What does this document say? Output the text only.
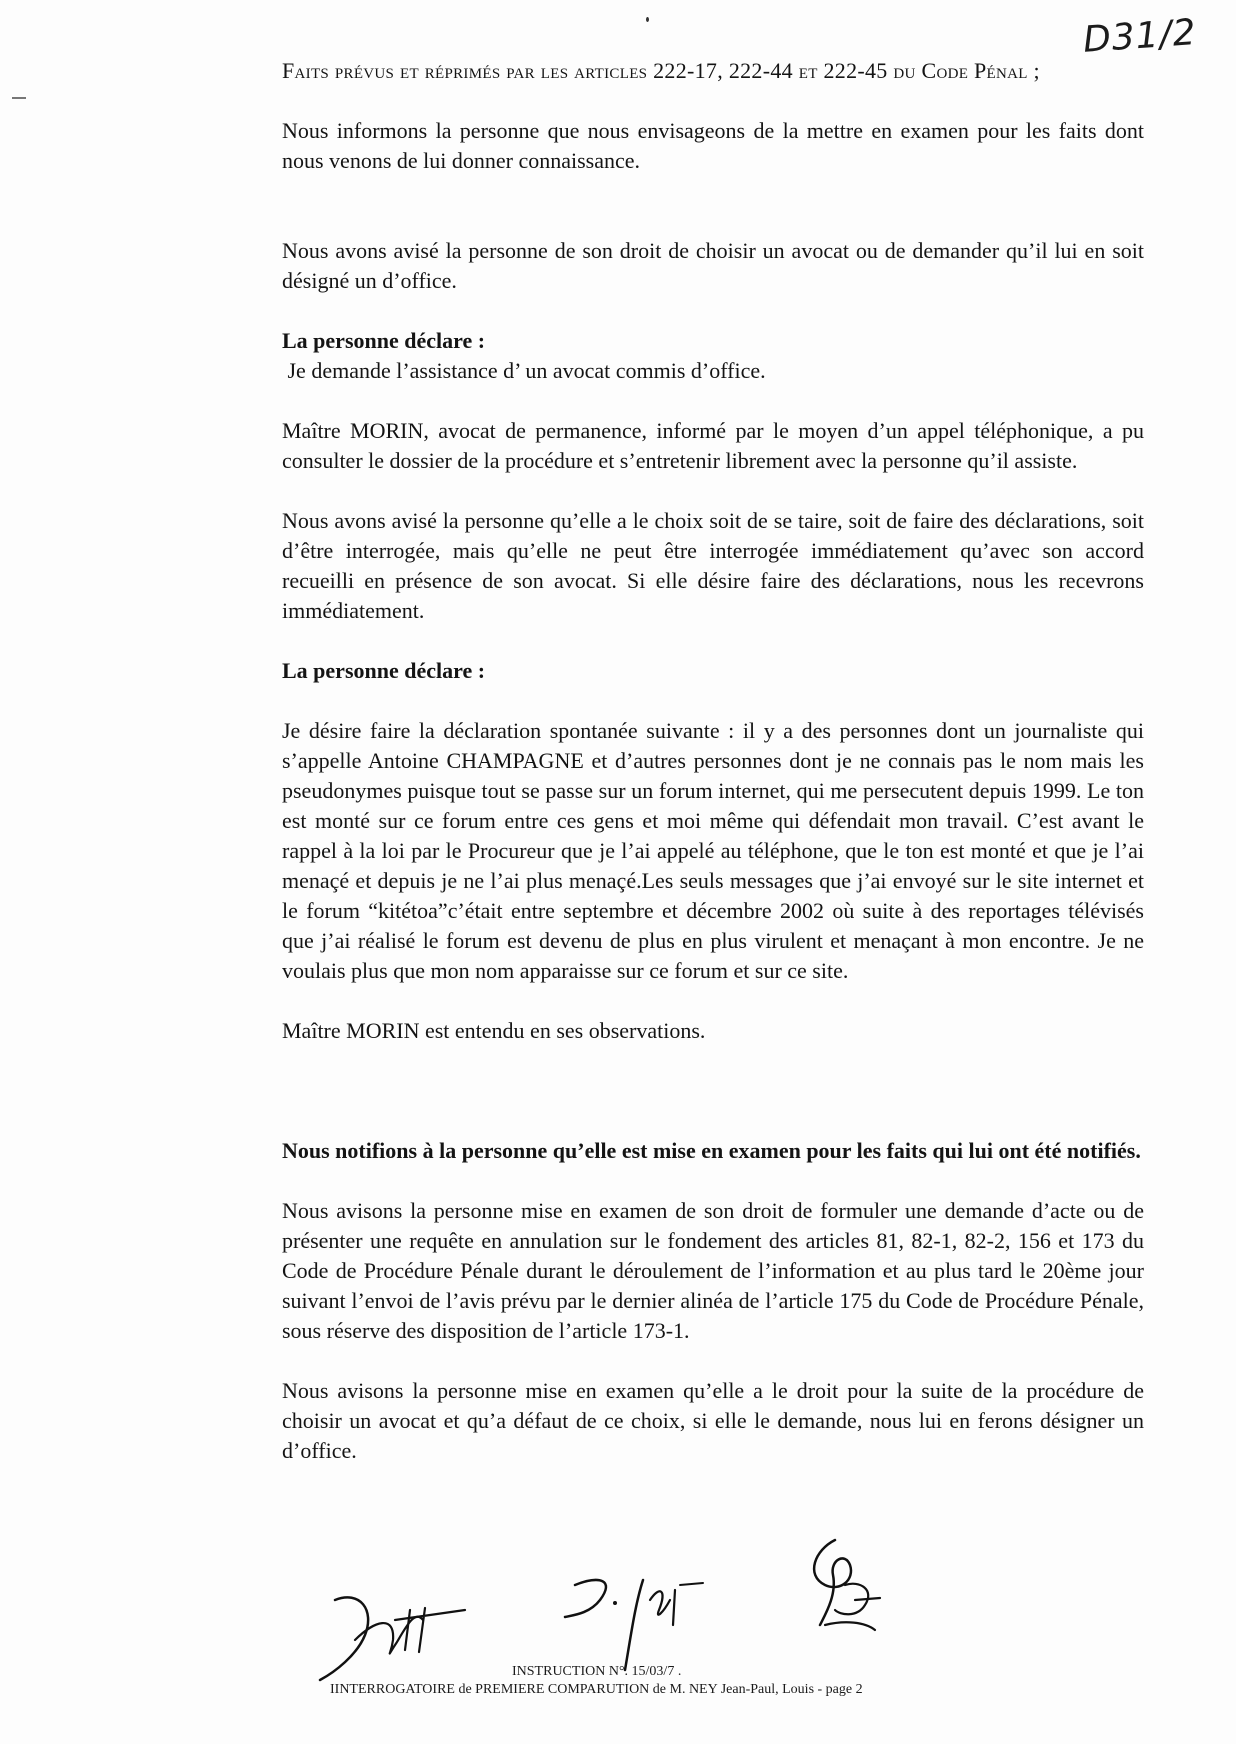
D31/2

Faits prévus et réprimés par les articles 222-17, 222-44 et 222-45 du Code Pénal ;

Nous informons la personne que nous envisageons de la mettre en examen pour les faits dont nous venons de lui donner connaissance.

Nous avons avisé la personne de son droit de choisir un avocat ou de demander qu’il lui en soit désigné un d’office.

La personne déclare :

Je demande l’assistance d’ un avocat commis d’office.

Maître MORIN, avocat de permanence, informé par le moyen d’un appel téléphonique, a pu consulter le dossier de la procédure et s’entretenir librement avec la personne qu’il assiste.

Nous avons avisé la personne qu’elle a le choix soit de se taire, soit de faire des déclarations, soit d’être interrogée, mais qu’elle ne peut être interrogée immédiatement qu’avec son accord recueilli en présence de son avocat. Si elle désire faire des déclarations, nous les recevrons immédiatement.

La personne déclare :

Je désire faire la déclaration spontanée suivante : il y a des personnes dont un journaliste qui s’appelle Antoine CHAMPAGNE et d’autres personnes dont je ne connais pas le nom mais les pseudonymes puisque tout se passe sur un forum internet, qui me persecutent depuis 1999. Le ton est monté sur ce forum entre ces gens et moi même qui défendait mon travail. C’est avant le rappel à la loi par le Procureur que je l’ai appelé au téléphone, que le ton est monté et que je l’ai menaçé et depuis je ne l’ai plus menaçé.Les seuls messages que j’ai envoyé sur le site internet et le forum “kitétoa”c’était entre septembre et décembre 2002 où suite à des reportages télévisés que j’ai réalisé le forum est devenu de plus en plus virulent et menaçant à mon encontre. Je ne voulais plus que mon nom apparaisse sur ce forum et sur ce site.

Maître MORIN est entendu en ses observations.

Nous notifions à la personne qu’elle est mise en examen pour les faits qui lui ont été notifiés.

Nous avisons la personne mise en examen de son droit de formuler une demande d’acte ou de présenter une requête en annulation sur le fondement des articles 81, 82-1, 82-2, 156 et 173 du Code de Procédure Pénale durant le déroulement de l’information et au plus tard le 20ème jour suivant l’envoi de l’avis prévu par le dernier alinéa de l’article 175 du Code de Procédure Pénale, sous réserve des disposition de l’article 173-1.

Nous avisons la personne mise en examen qu’elle a le droit pour la suite de la procédure de choisir un avocat et qu’a défaut de ce choix, si elle le demande, nous lui en ferons désigner un d’office.

INSTRUCTION N°. 15/03/7 .
IINTERROGATOIRE de PREMIERE COMPARUTION de M. NEY Jean-Paul, Louis - page 2
